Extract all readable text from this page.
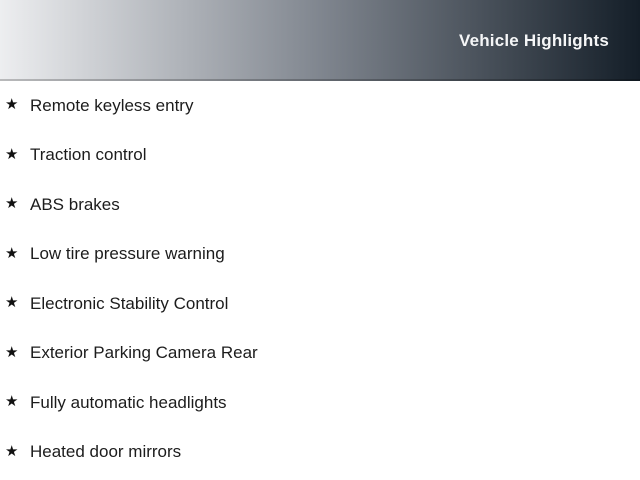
Vehicle Highlights
★ Remote keyless entry
★ Traction control
★ ABS brakes
★ Low tire pressure warning
★ Electronic Stability Control
★ Exterior Parking Camera Rear
★ Fully automatic headlights
★ Heated door mirrors
